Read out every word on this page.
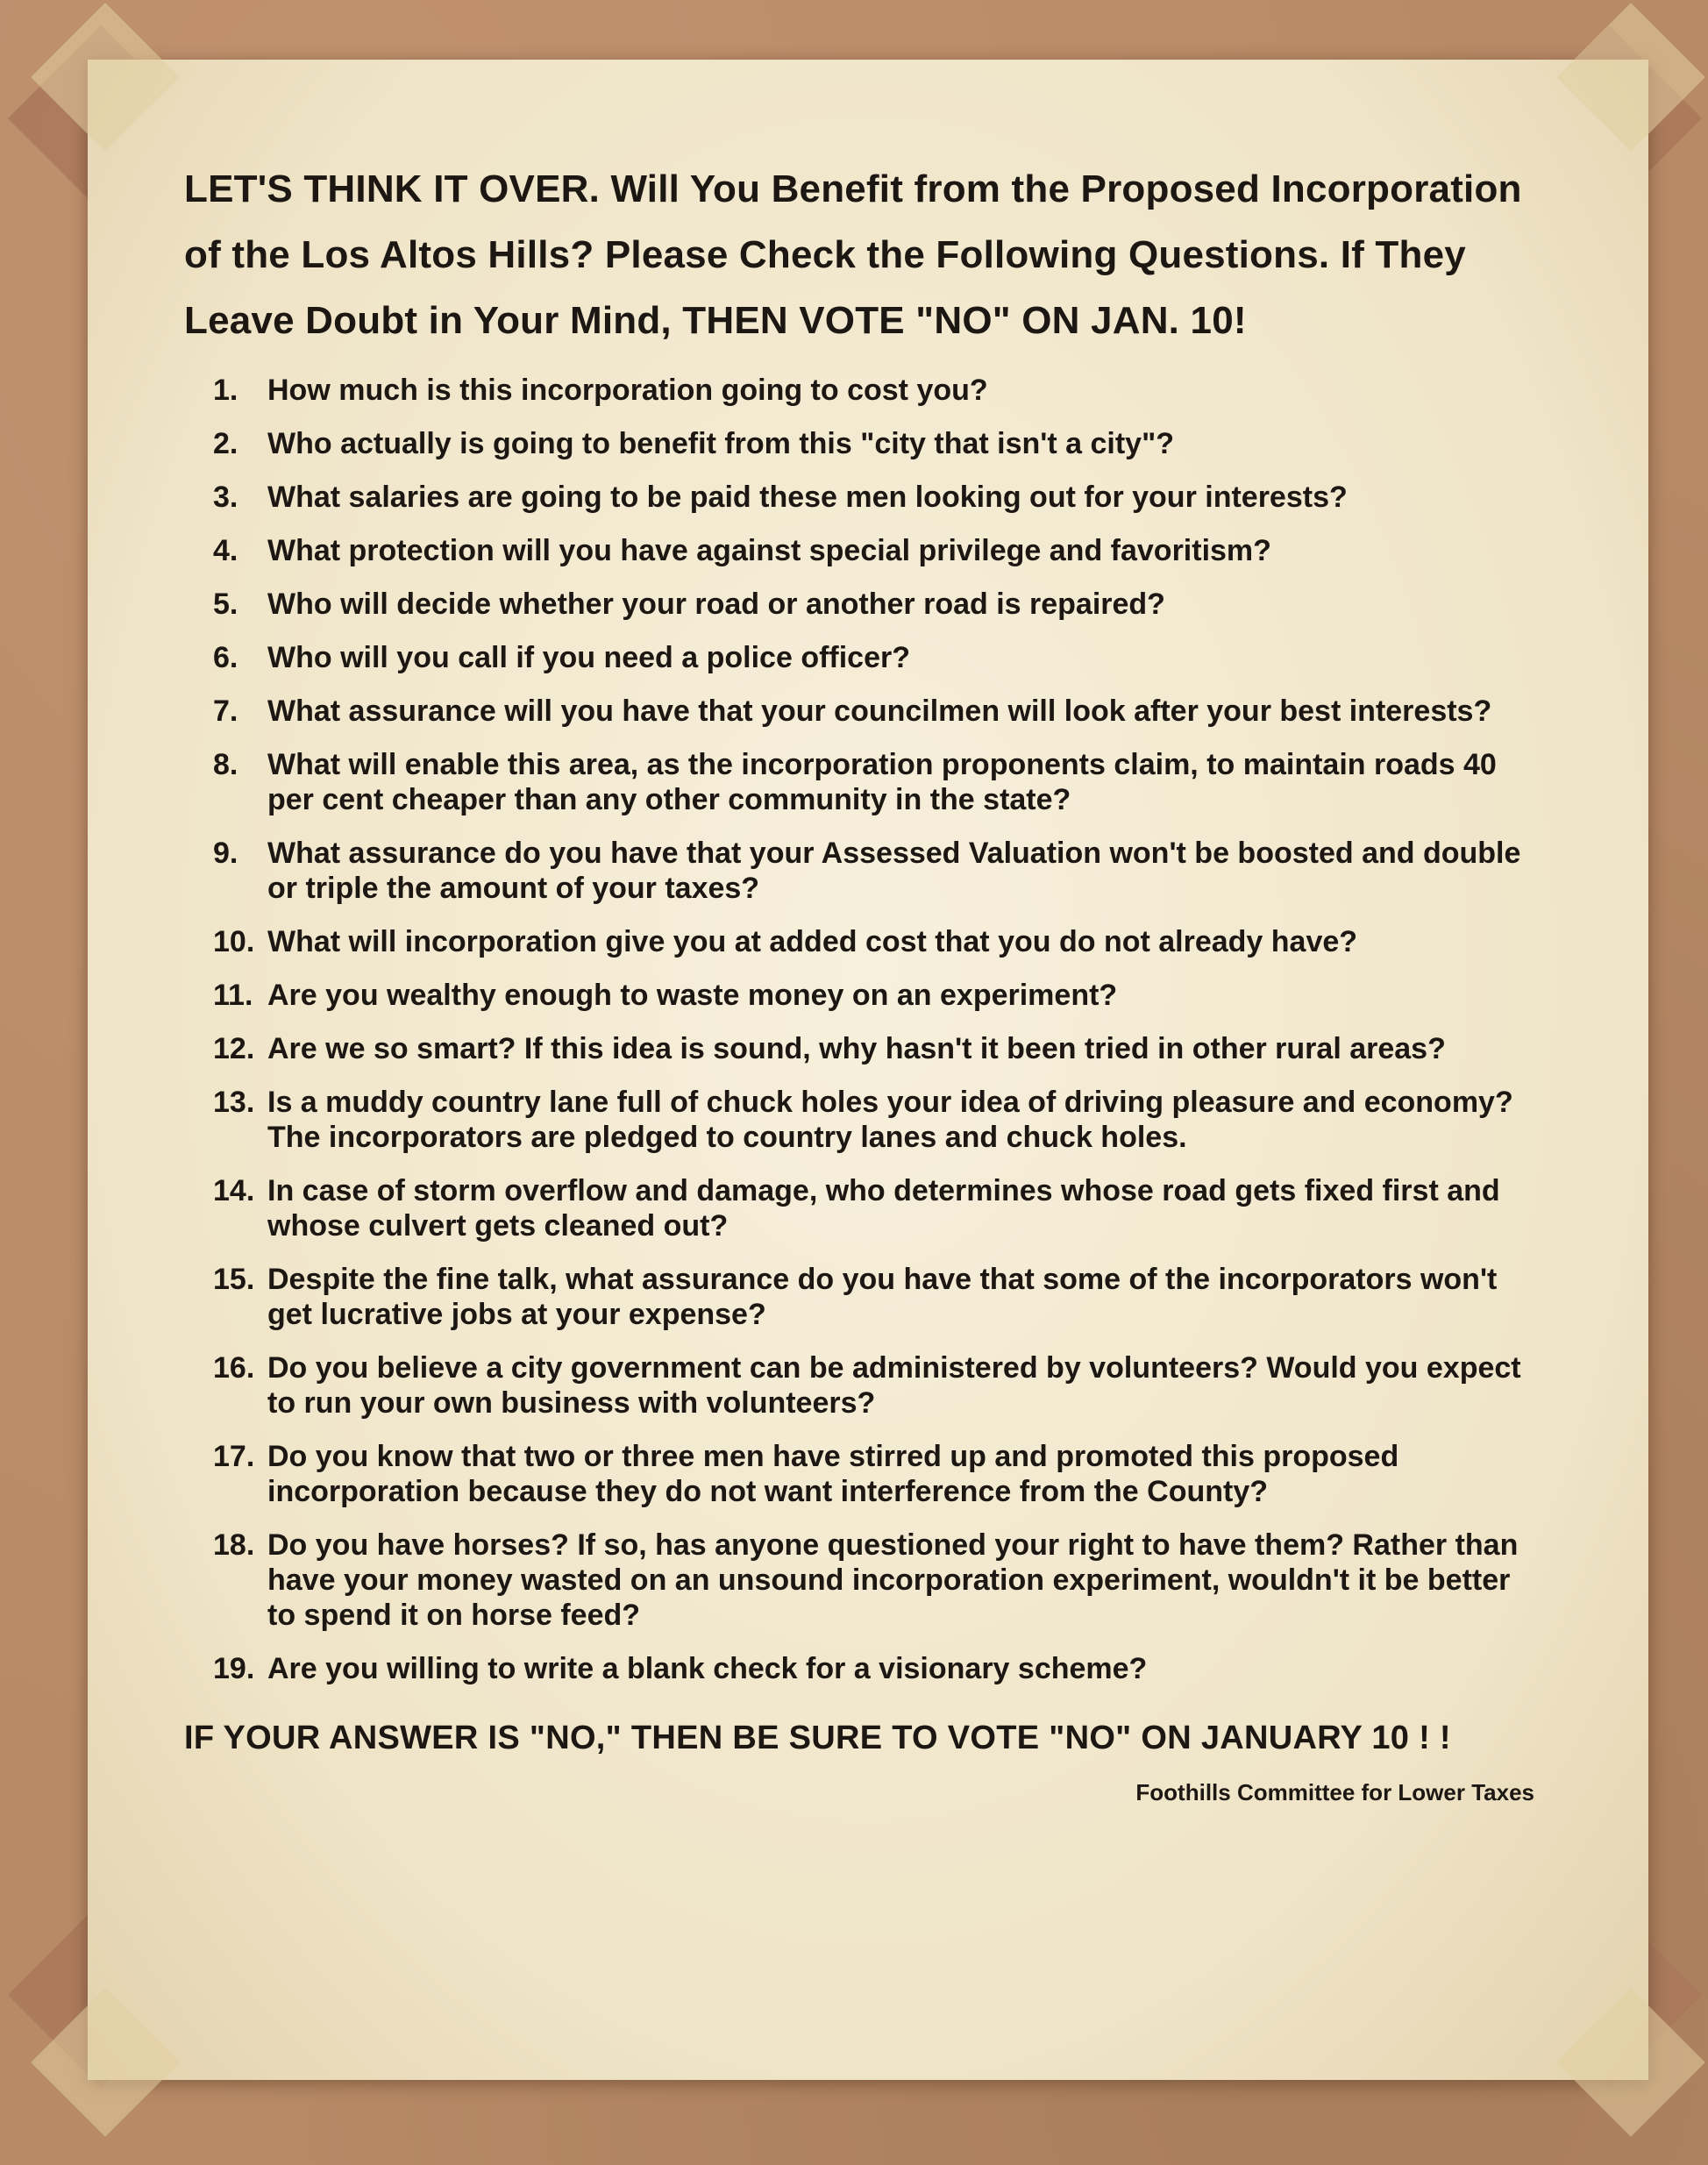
LET'S THINK IT OVER. Will You Benefit from the Proposed Incorporation of the Los Altos Hills? Please Check the Following Questions. If They Leave Doubt in Your Mind, THEN VOTE "NO" ON JAN. 10!
1. How much is this incorporation going to cost you?
2. Who actually is going to benefit from this "city that isn't a city"?
3. What salaries are going to be paid these men looking out for your interests?
4. What protection will you have against special privilege and favoritism?
5. Who will decide whether your road or another road is repaired?
6. Who will you call if you need a police officer?
7. What assurance will you have that your councilmen will look after your best interests?
8. What will enable this area, as the incorporation proponents claim, to maintain roads 40 per cent cheaper than any other community in the state?
9. What assurance do you have that your Assessed Valuation won't be boosted and double or triple the amount of your taxes?
10. What will incorporation give you at added cost that you do not already have?
11. Are you wealthy enough to waste money on an experiment?
12. Are we so smart? If this idea is sound, why hasn't it been tried in other rural areas?
13. Is a muddy country lane full of chuck holes your idea of driving pleasure and economy? The incorporators are pledged to country lanes and chuck holes.
14. In case of storm overflow and damage, who determines whose road gets fixed first and whose culvert gets cleaned out?
15. Despite the fine talk, what assurance do you have that some of the incorporators won't get lucrative jobs at your expense?
16. Do you believe a city government can be administered by volunteers? Would you expect to run your own business with volunteers?
17. Do you know that two or three men have stirred up and promoted this proposed incorporation because they do not want interference from the County?
18. Do you have horses? If so, has anyone questioned your right to have them? Rather than have your money wasted on an unsound incorporation experiment, wouldn't it be better to spend it on horse feed?
19. Are you willing to write a blank check for a visionary scheme?
IF YOUR ANSWER IS "NO," THEN BE SURE TO VOTE "NO" ON JANUARY 10 ! !
Foothills Committee for Lower Taxes
